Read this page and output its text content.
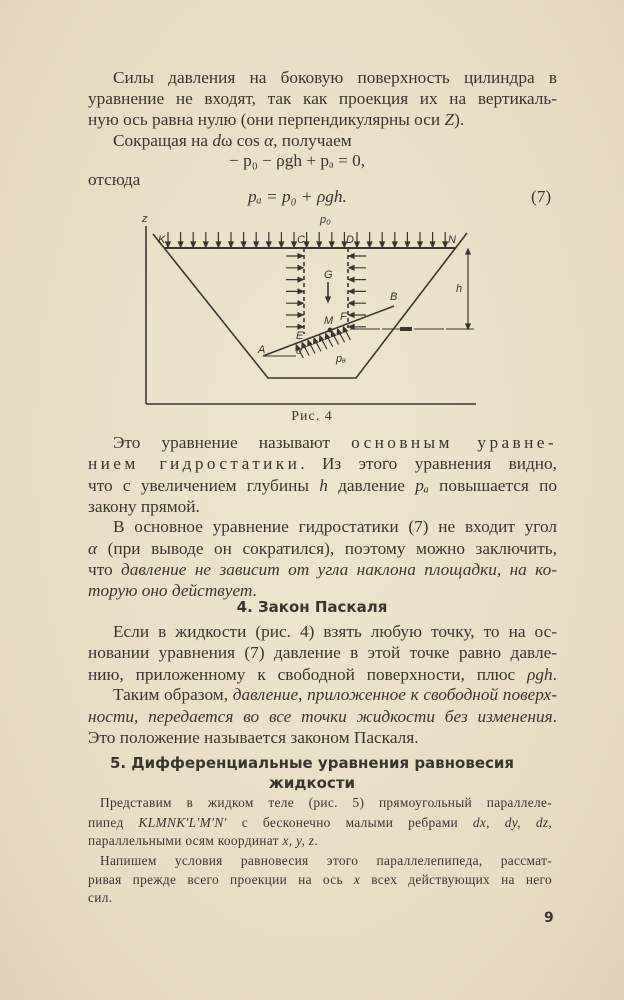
Силы давления на боковую поверхность цилиндра в
уравнение не входят, так как проекция их на вертикаль-
ную ось равна нулю (они перпендикулярны оси Z).
Сокращая на dω cos α, получаем
− p₀ − ρgh + pₐ = 0,
отсюда
pₐ = p₀ + ρgh.	(7)
z	p₀
K	C	D	N
G
B
M F
E
A	α
pₐ
h
Рис. 4
Это уравнение называют основным уравне-
нием гидростатики. Из этого уравнения видно,
что с увеличением глубины h давление pₐ повышается по
закону прямой.
В основное уравнение гидростатики (7) не входит угол
α (при выводе он сократился), поэтому можно заключить,
что давление не зависит от угла наклона площадки, на ко-
торую оно действует.
4. Закон Паскаля
Если в жидкости (рис. 4) взять любую точку, то на ос-
новании уравнения (7) давление в этой точке равно давле-
нию, приложенному к свободной поверхности, плюс ρgh.
Таким образом, давление, приложенное к свободной поверх-
ности, передается во все точки жидкости без изменения.
Это положение называется законом Паскаля.
5. Дифференциальные уравнения равновесия
жидкости
Представим в жидком теле (рис. 5) прямоугольный параллеле-
пипед KLMNK′L′M′N′ с бесконечно малыми ребрами dx, dy, dz,
параллельными осям координат x, y, z.
Напишем условия равновесия этого параллелепипеда, рассмат-
ривая прежде всего проекции на ось x всех действующих на него
сил.
9
